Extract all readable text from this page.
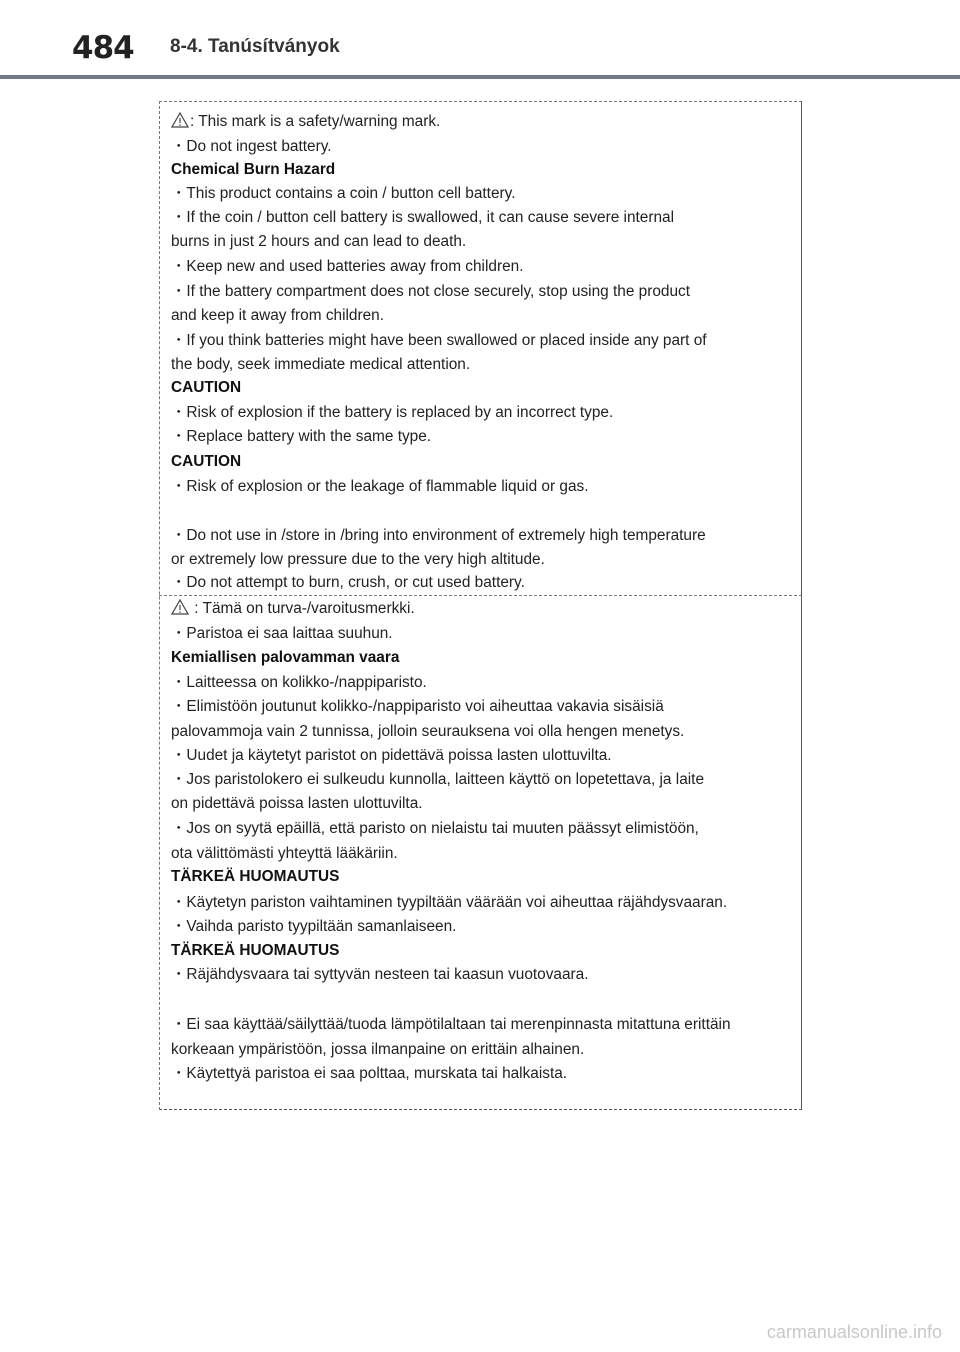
484 8-4. Tanúsítványok
: This mark is a safety/warning mark.
・Do not ingest battery.
Chemical Burn Hazard
・This product contains a coin / button cell battery.
・If the coin / button cell battery is swallowed, it can cause severe internal
burns in just 2 hours and can lead to death.
・Keep new and used batteries away from children.
・If the battery compartment does not close securely, stop using the product
and keep it away from children.
・If you think batteries might have been swallowed or placed inside any part of
the body, seek immediate medical attention.
CAUTION
・Risk of explosion if the battery is replaced by an incorrect type.
・Replace battery with the same type.
CAUTION
・Risk of explosion or the leakage of flammable liquid or gas.
・Do not use in /store in /bring into environment of extremely high temperature
or extremely low pressure due to the very high altitude.
・Do not attempt to burn, crush, or cut used battery.
: Tämä on turva-/varoitusmerkki.
・Paristoa ei saa laittaa suuhun.
Kemiallisen palovamman vaara
・Laitteessa on kolikko-/nappiparisto.
・Elimistöön joutunut kolikko-/nappiparisto voi aiheuttaa vakavia sisäisiä
palovammoja vain 2 tunnissa, jolloin seurauksena voi olla hengen menetys.
・Uudet ja käytetyt paristot on pidettävä poissa lasten ulottuvilta.
・Jos paristolokero ei sulkeudu kunnolla, laitteen käyttö on lopetettava, ja laite
on pidettävä poissa lasten ulottuvilta.
・Jos on syytä epäillä, että paristo on nielaistu tai muuten päässyt elimistöön,
ota välittömästi yhteyttä lääkäriin.
TÄRKEÄ HUOMAUTUS
・Käytetyn pariston vaihtaminen tyypiltään väärään voi aiheuttaa räjähdysvaaran.
・Vaihda paristo tyypiltään samanlaiseen.
TÄRKEÄ HUOMAUTUS
・Räjähdysvaara tai syttyvän nesteen tai kaasun vuotovaara.
・Ei saa käyttää/säilyttää/tuoda lämpötilaltaan tai merenpinnasta mitattuna erittäin
korkeaan ympäristöön, jossa ilmanpaine on erittäin alhainen.
・Käytettyä paristoa ei saa polttaa, murskata tai halkaista.
carmanualsonline.info
